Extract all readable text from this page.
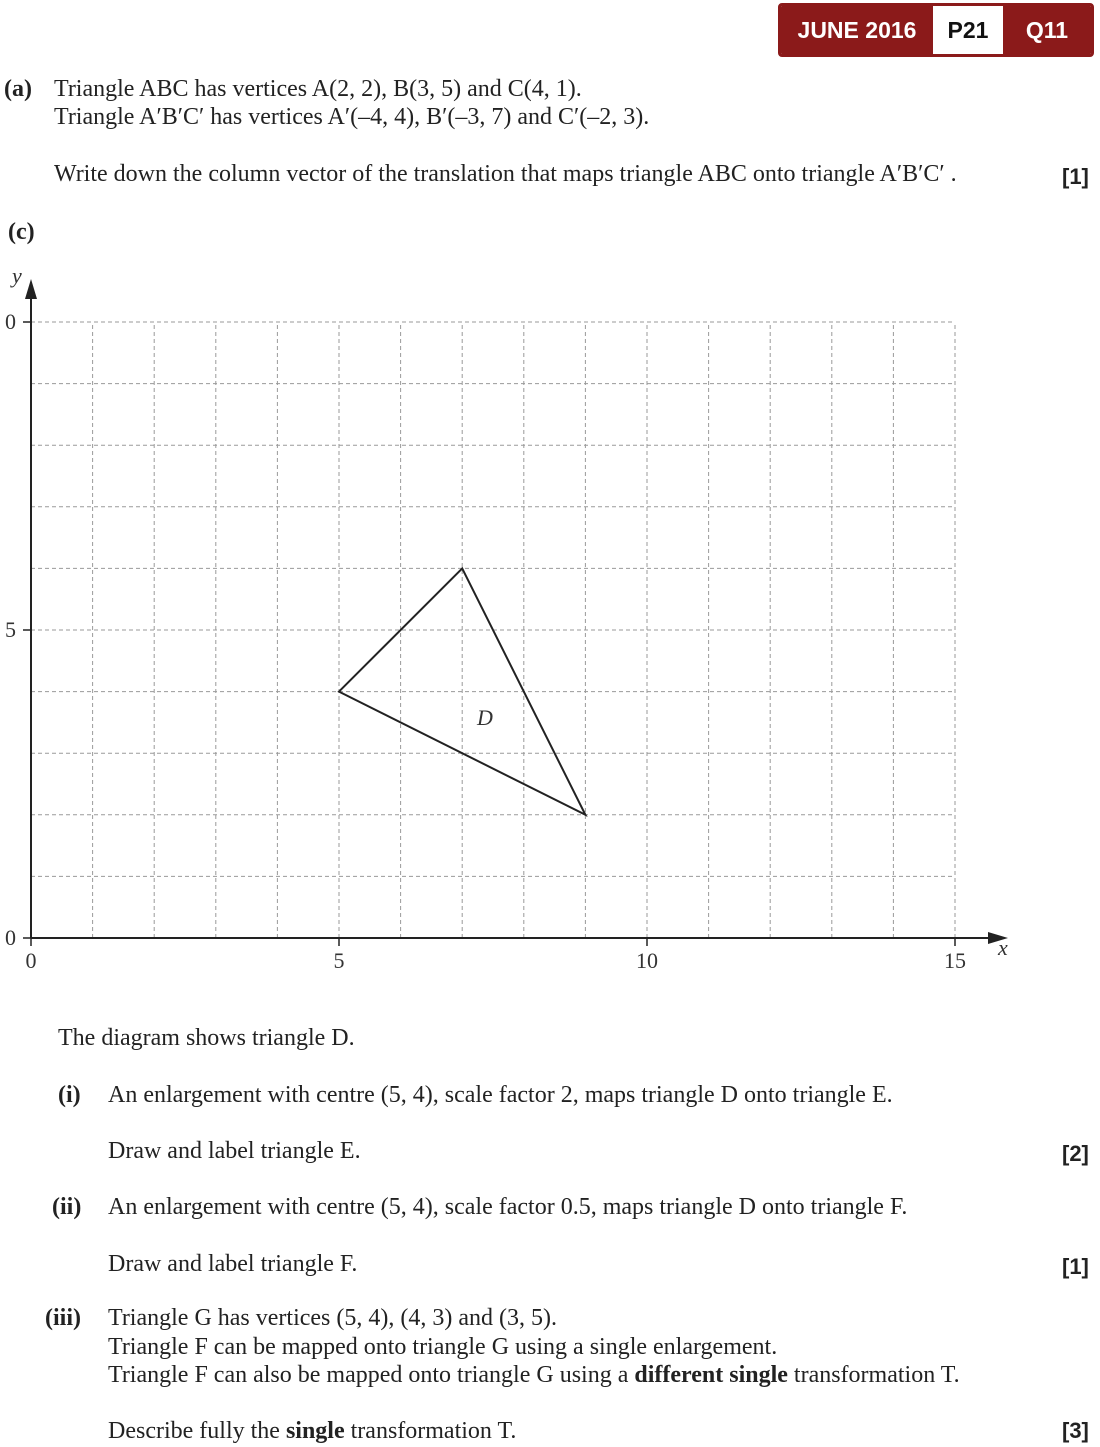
JUNE 2016	P21	Q11
(a) Triangle ABC has vertices A(2, 2), B(3, 5) and C(4, 1).
Triangle A′B′C′ has vertices A′(–4, 4), B′(–3, 7) and C′(–2, 3).
Write down the column vector of the translation that maps triangle ABC onto triangle A′B′C′ .	[1]
(c)
x
y
0	5	10	15
0
5
0
D
The diagram shows triangle D.
(i) An enlargement with centre (5, 4), scale factor 2, maps triangle D onto triangle E.
Draw and label triangle E.	[2]
(ii) An enlargement with centre (5, 4), scale factor 0.5, maps triangle D onto triangle F.
Draw and label triangle F.	[1]
(iii) Triangle G has vertices (5, 4), (4, 3) and (3, 5).
Triangle F can be mapped onto triangle G using a single enlargement.
Triangle F can also be mapped onto triangle G using a different single transformation T.
Describe fully the single transformation T.	[3]
